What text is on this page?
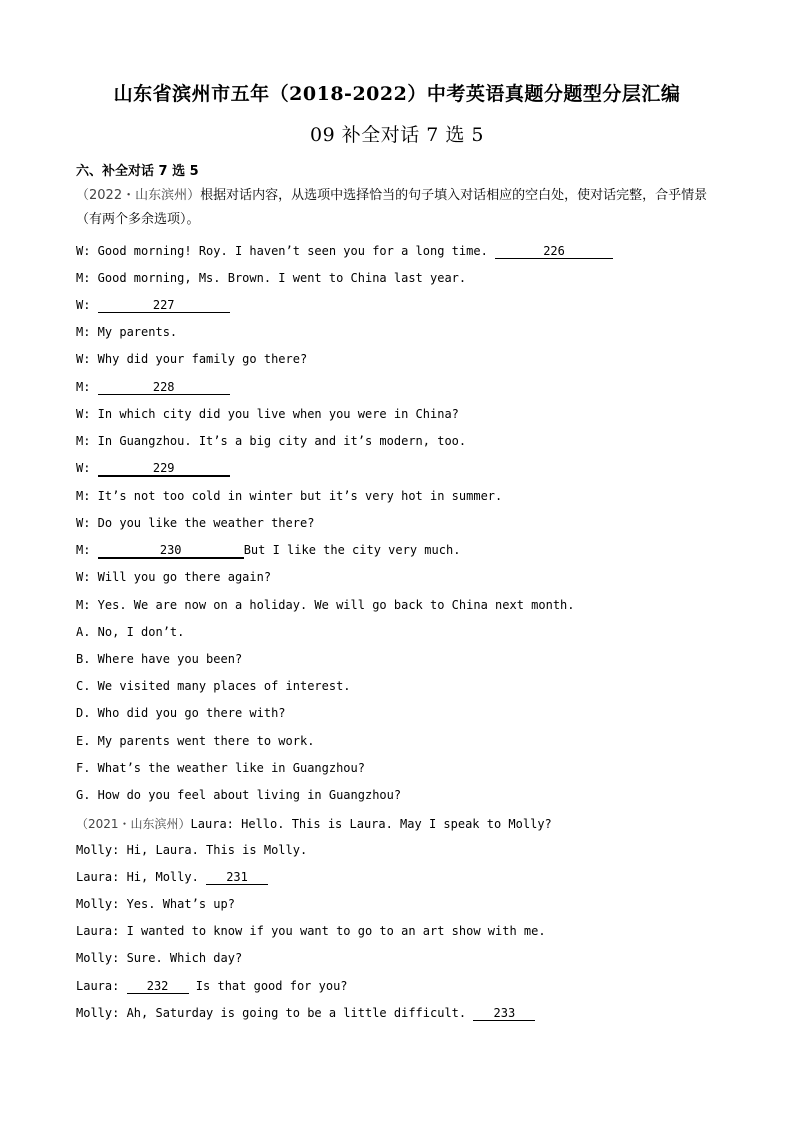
山东省滨州市五年（2018-2022）中考英语真题分题型分层汇编
09 补全对话 7 选 5
六、补全对话 7 选 5
（2022・山东滨州）根据对话内容，从选项中选择恰当的句子填入对话相应的空白处，使对话完整，合乎情景（有两个多余选项）。
W: Good morning! Roy. I haven’t seen you for a long time.	226
M: Good morning, Ms. Brown. I went to China last year.
W:	227
M: My parents.
W: Why did your family go there?
M:	228
W: In which city did you live when you were in China?
M: In Guangzhou. It’s a big city and it’s modern, too.
W:	229
M: It’s not too cold in winter but it’s very hot in summer.
W: Do you like the weather there?
M:	230	But I like the city very much.
W: Will you go there again?
M: Yes. We are now on a holiday. We will go back to China next month.
A. No, I don’t.
B. Where have you been?
C. We visited many places of interest.
D. Who did you go there with?
E. My parents went there to work.
F. What’s the weather like in Guangzhou?
G. How do you feel about living in Guangzhou?
（2021・山东滨州）Laura: Hello. This is Laura. May I speak to Molly?
Molly: Hi, Laura. This is Molly.
Laura: Hi, Molly. 231
Molly: Yes. What’s up?
Laura: I wanted to know if you want to go to an art show with me.
Molly: Sure. Which day?
Laura: 232 Is that good for you?
Molly: Ah, Saturday is going to be a little difficult. 233
